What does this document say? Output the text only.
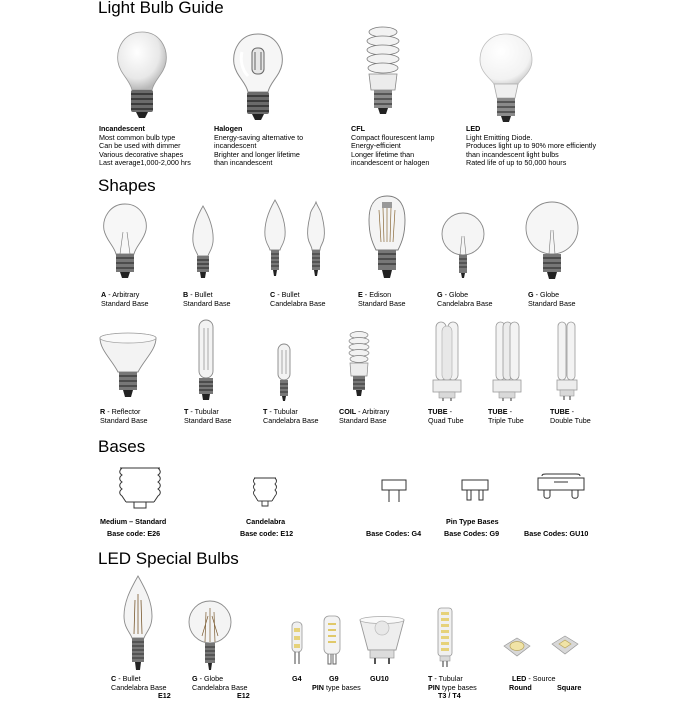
Light Bulb Guide
Shapes
Bases
LED Special Bulbs
Incandescent
Most common bulb type
Can be used with dimmer
Various decorative shapes
Last average1,000-2,000 hrs
Halogen
Energy-saving alternative to
incandescent
Brighter and longer lifetime
than incandescent
CFL
Compact flourescent lamp
Energy-efficient
Longer lifetime than
incandescent or halogen
LED
Light Emitting Diode.
Produces light up to 90% more efficiently
than incandescent light bulbs
Rated life of up to 50,000 hours
A - Arbitrary
Standard Base
B - Bullet
Standard Base
C - Bullet
Candelabra Base
E - Edison
Standard Base
G - Globe
Candelabra Base
G - Globe
Standard Base
R - Reflector
Standard Base
T - Tubular
Standard Base
T - Tubular
Candelabra Base
COIL - Arbitrary
Standard Base
TUBE -
Quad Tube
TUBE -
Triple Tube
TUBE -
Double Tube
Medium – Standard
Base code: E26
Candelabra
Base code: E12
Pin Type Bases
Base Codes: G4	Base Codes: G9	Base Codes: GU10
C - Bullet
Candelabra Base
E12
G - Globe
Candelabra Base
E12
G4	G9	GU10
PIN type bases
T - Tubular
PIN type bases
T3 / T4
LED - Source
Round	Square
